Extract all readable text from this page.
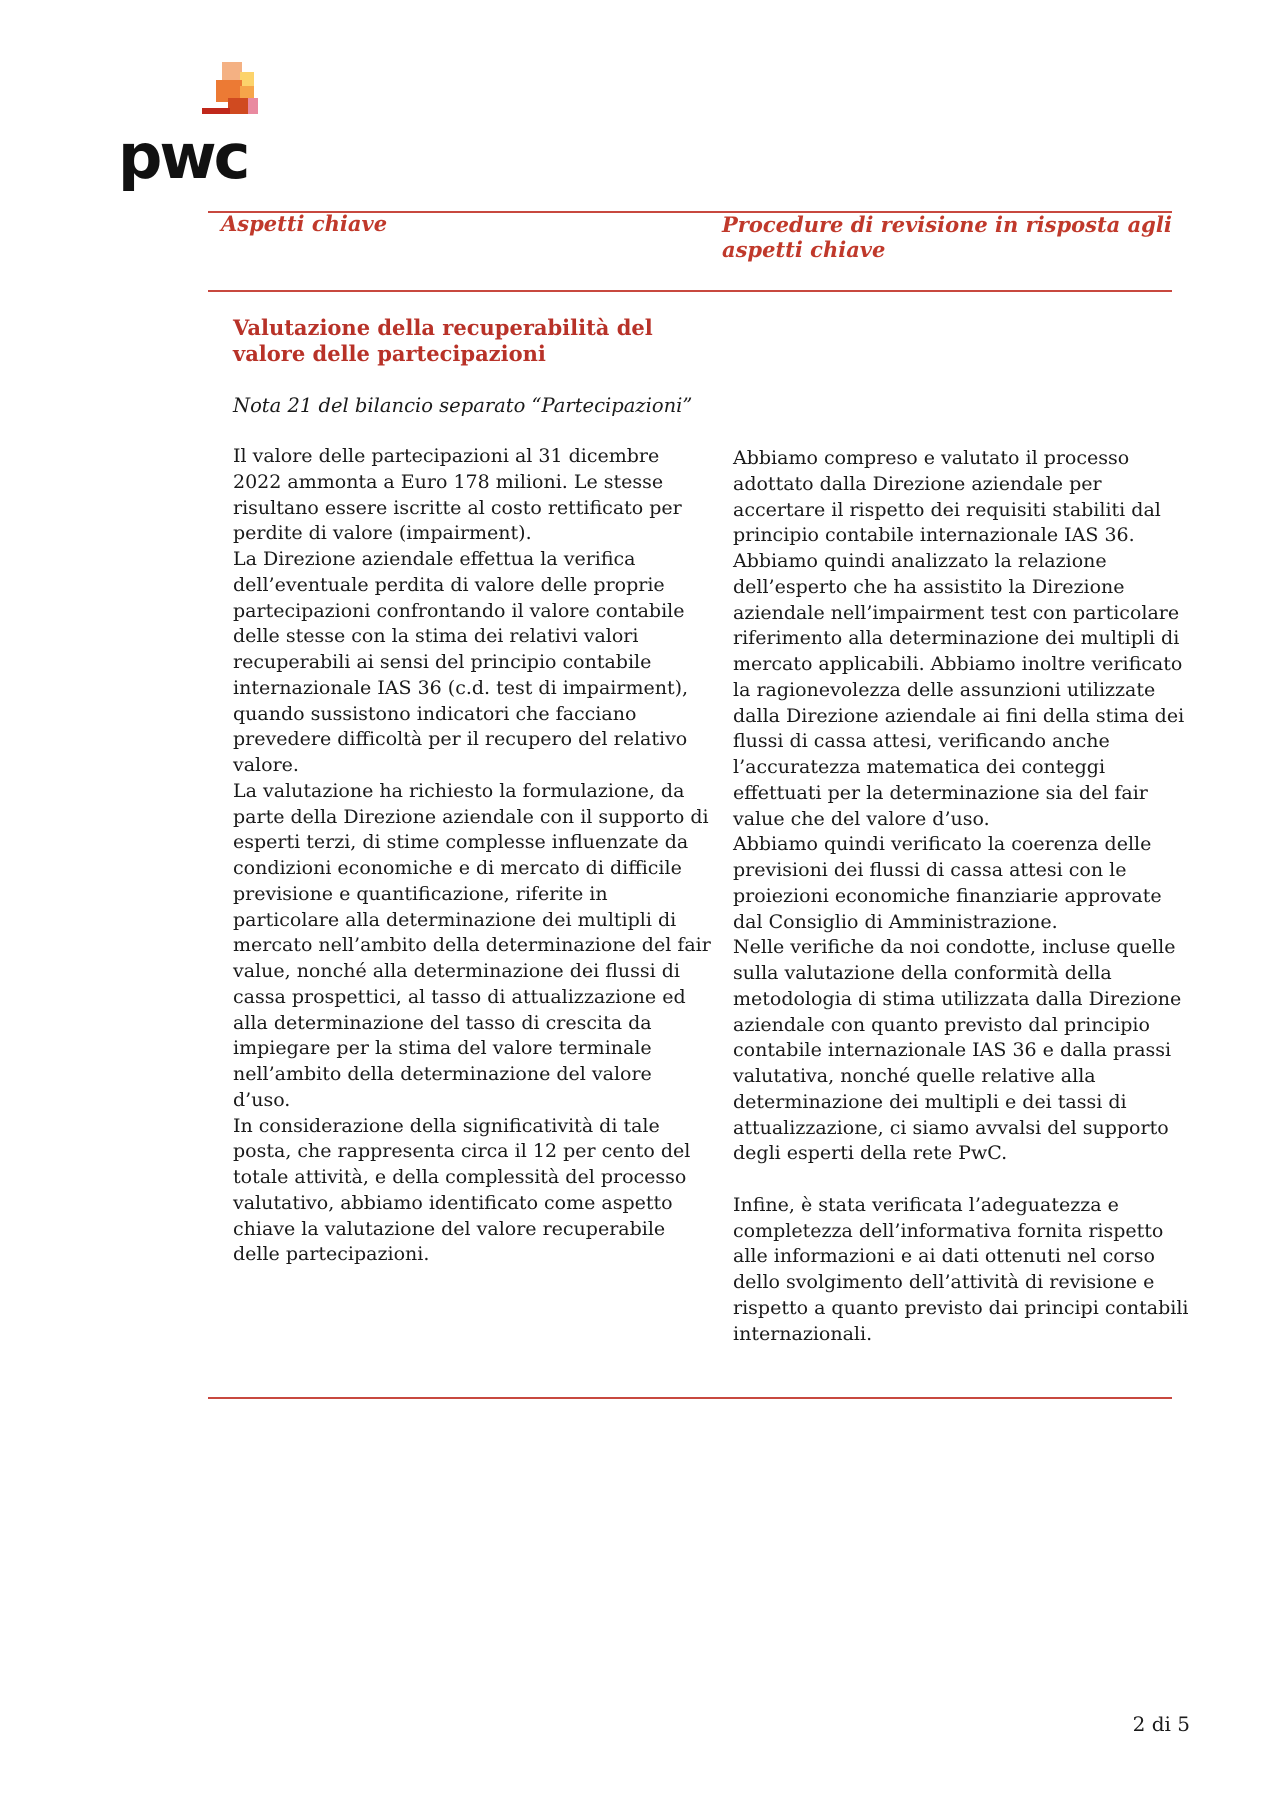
pwc
Aspetti chiave	Procedure di revisione in risposta agli aspetti chiave
Valutazione della recuperabilità del valore delle partecipazioni
Nota 21 del bilancio separato “Partecipazioni”

Il valore delle partecipazioni al 31 dicembre 2022 ammonta a Euro 178 milioni. Le stesse risultano essere iscritte al costo rettificato per perdite di valore (impairment).

La Direzione aziendale effettua la verifica dell’eventuale perdita di valore delle proprie partecipazioni confrontando il valore contabile delle stesse con la stima dei relativi valori recuperabili ai sensi del principio contabile internazionale IAS 36 (c.d. test di impairment), quando sussistono indicatori che facciano prevedere difficoltà per il recupero del relativo valore.

La valutazione ha richiesto la formulazione, da parte della Direzione aziendale con il supporto di esperti terzi, di stime complesse influenzate da condizioni economiche e di mercato di difficile previsione e quantificazione, riferite in particolare alla determinazione dei multipli di mercato nell’ambito della determinazione del fair value, nonché alla determinazione dei flussi di cassa prospettici, al tasso di attualizzazione ed alla determinazione del tasso di crescita da impiegare per la stima del valore terminale nell’ambito della determinazione del valore d’uso.

In considerazione della significatività di tale posta, che rappresenta circa il 12 per cento del totale attività, e della complessità del processo valutativo, abbiamo identificato come aspetto chiave la valutazione del valore recuperabile delle partecipazioni.

Abbiamo compreso e valutato il processo adottato dalla Direzione aziendale per accertare il rispetto dei requisiti stabiliti dal principio contabile internazionale IAS 36.

Abbiamo quindi analizzato la relazione dell’esperto che ha assistito la Direzione aziendale nell’impairment test con particolare riferimento alla determinazione dei multipli di mercato applicabili. Abbiamo inoltre verificato la ragionevolezza delle assunzioni utilizzate dalla Direzione aziendale ai fini della stima dei flussi di cassa attesi, verificando anche l’accuratezza matematica dei conteggi effettuati per la determinazione sia del fair value che del valore d’uso.

Abbiamo quindi verificato la coerenza delle previsioni dei flussi di cassa attesi con le proiezioni economiche finanziarie approvate dal Consiglio di Amministrazione.

Nelle verifiche da noi condotte, incluse quelle sulla valutazione della conformità della metodologia di stima utilizzata dalla Direzione aziendale con quanto previsto dal principio contabile internazionale IAS 36 e dalla prassi valutativa, nonché quelle relative alla determinazione dei multipli e dei tassi di attualizzazione, ci siamo avvalsi del supporto degli esperti della rete PwC.

Infine, è stata verificata l’adeguatezza e completezza dell’informativa fornita rispetto alle informazioni e ai dati ottenuti nel corso dello svolgimento dell’attività di revisione e rispetto a quanto previsto dai principi contabili internazionali.

2 di 5
